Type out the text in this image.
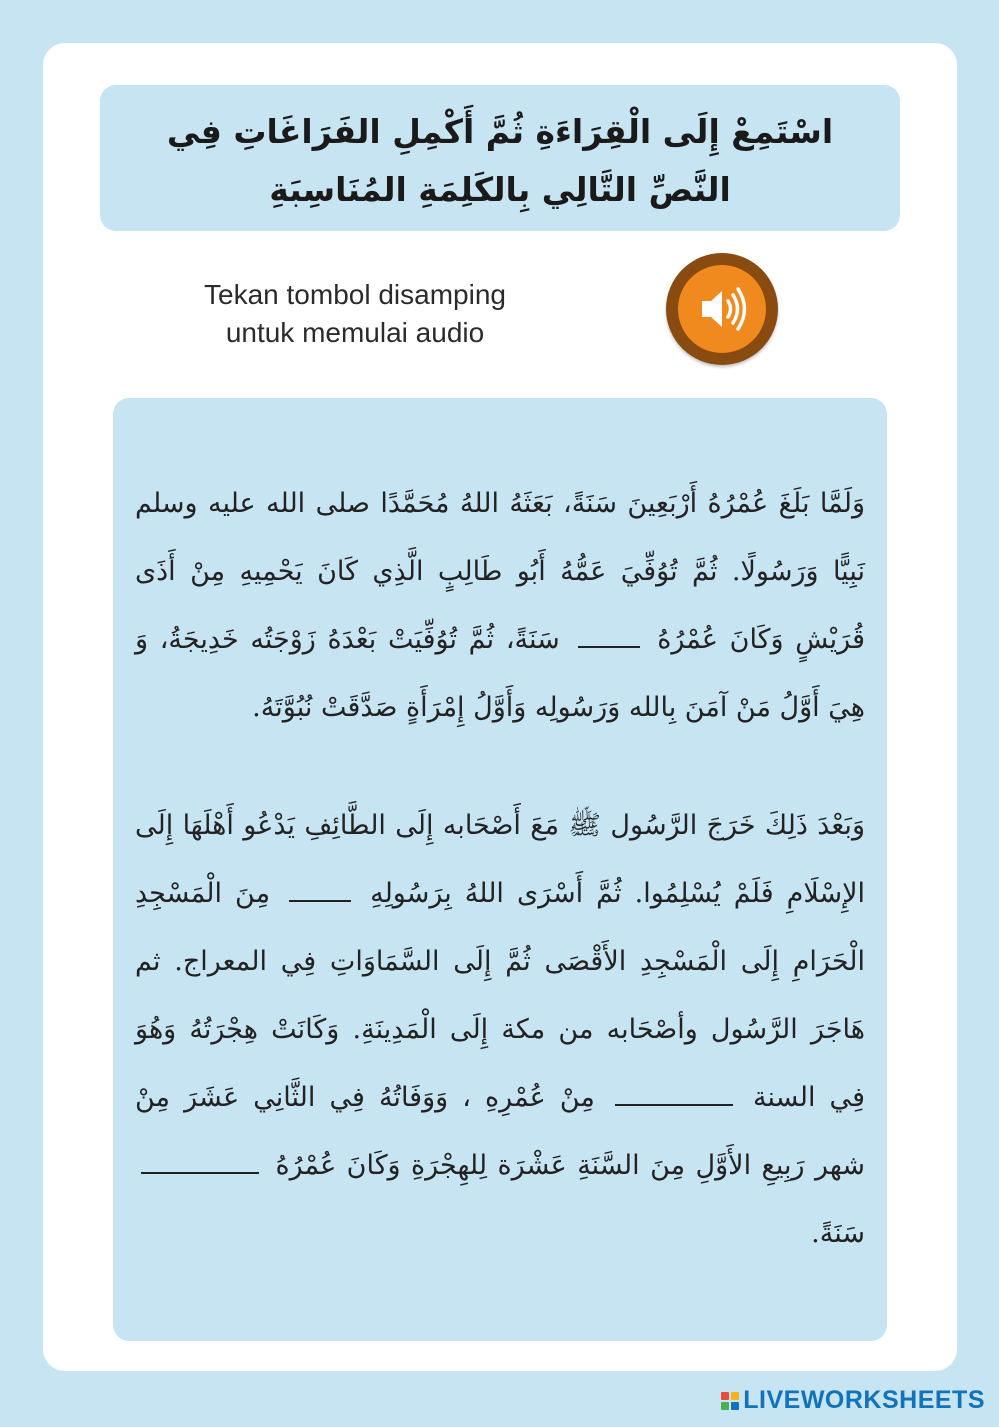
اسْتَمِعْ إِلَى الْقِرَاءَةِ ثُمَّ أَكْمِلِ الفَرَاغَاتِ فِي النَّصِّ التَّالِي بِالكَلِمَةِ المُنَاسِبَةِ
Tekan tombol disamping
untuk memulai audio

وَلَمَّا بَلَغَ عُمْرُهُ أَرْبَعِينَ سَنَةً، بَعَثَهُ اللهُ مُحَمَّدًا صلى الله عليه وسلم نَبِيًّا وَرَسُولًا. ثُمَّ تُوُفِّيَ عَمُّهُ أَبُو طَالِبٍ الَّذِي كَانَ يَحْمِيهِ مِنْ أَذَى قُرَيْشٍ وَكَانَ عُمْرُهُ  سَنَةً، ثُمَّ تُوُفِّيَتْ بَعْدَهُ زَوْجَتُه خَدِيجَةُ، وَ هِيَ أَوَّلُ مَنْ آمَنَ بِالله وَرَسُولِه وَأَوَّلُ إِمْرَأَةٍ صَدَّقَتْ نُبُوَّتَهُ.

وَبَعْدَ ذَلِكَ خَرَجَ الرَّسُول ﷺ مَعَ أَصْحَابه إِلَى الطَّائِفِ يَدْعُو أَهْلَهَا إِلَى الإِسْلَامِ فَلَمْ يُسْلِمُوا. ثُمَّ أَسْرَى اللهُ بِرَسُولِهِ  مِنَ الْمَسْجِدِ الْحَرَامِ إِلَى الْمَسْجِدِ الأَقْصَى ثُمَّ إِلَى السَّمَاوَاتِ فِي المعراج. ثم هَاجَرَ الرَّسُول وأصْحَابه من مكة إِلَى الْمَدِينَةِ. وَكَانَتْ هِجْرَتُهُ وَهُوَ فِي السنة  مِنْ عُمْرِهِ ، وَوَفَاتُهُ فِي الثَّانِي عَشَرَ مِنْ شهر رَبِيعِ الأَوَّلِ مِنَ السَّنَةِ عَشْرَة لِلهِجْرَةِ وَكَانَ عُمْرُهُ  سَنَةً.

LIVEWORKSHEETS
